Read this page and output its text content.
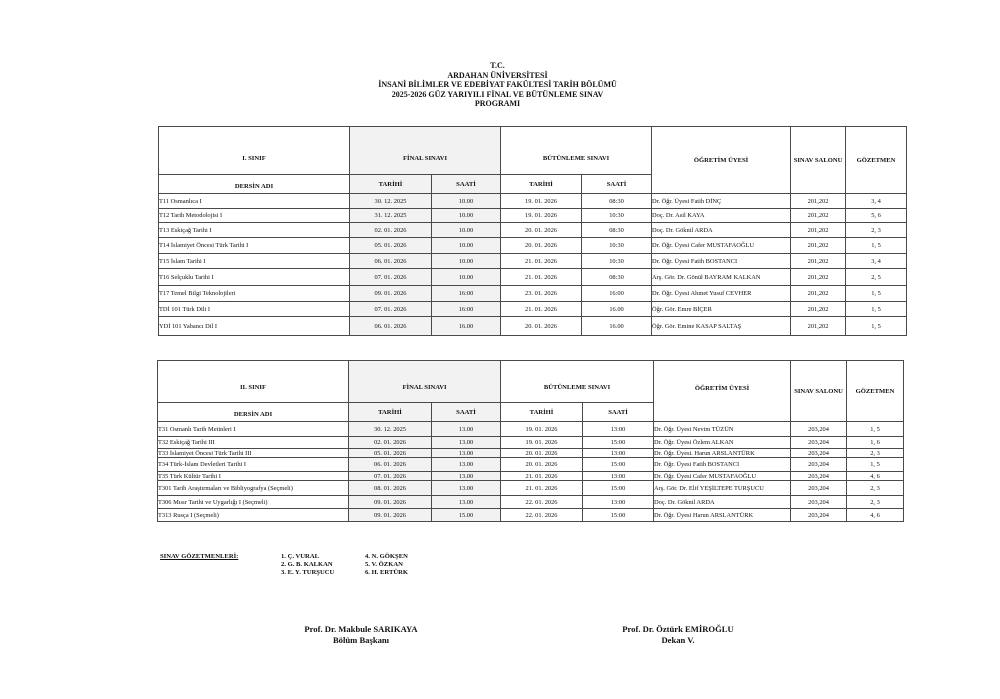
T.C.
ARDAHAN ÜNİVERSİTESİ
İNSANİ BİLİMLER VE EDEBİYAT FAKÜLTESİ TARİH BÖLÜMÜ
2025-2026 GÜZ YARIYILI FİNAL VE BÜTÜNLEME SINAV
PROGRAMI
I. SINIF	FİNAL SINAVI		BÜTÜNLEME SINAVI		ÖĞRETİM ÜYESİ	SINAV SALONU	GÖZETMEN
DERSİN ADI	TARİHİ	SAATİ	TARİHİ	SAATİ			
T11 Osmanlıca I	30. 12. 2025	10.00	19. 01. 2026	08:30	Dr. Öğr. Üyesi Fatih DİNÇ	201,202	3, 4
T12 Tarih Metodolojisi I	31. 12. 2025	10.00	19. 01. 2026	10:30	Doç. Dr. Asil KAYA	201,202	5, 6
T13 Eskiçağ Tarihi I	02. 01. 2026	10.00	20. 01. 2026	08:30	Doç. Dr. Göknil ARDA	201,202	2, 3
T14 İslamiyet Öncesi Türk Tarihi I	05. 01. 2026	10.00	20. 01. 2026	10:30	Dr. Öğr. Üyesi Cafer MUSTAFAOĞLU	201,202	1, 5
T15 İslam Tarihi I	06. 01. 2026	10.00	21. 01. 2026	10:30	Dr. Öğr. Üyesi Fatih BOSTANCI	201,202	3, 4
T16 Selçuklu Tarihi I	07. 01. 2026	10.00	21. 01. 2026	08:30	Arş. Gör. Dr. Gönül BAYRAM KALKAN	201,202	2, 5
T17 Temel Bilgi Teknolojileri	09. 01. 2026	16:00	23. 01. 2026	16:00	Dr. Öğr. Üyesi Ahmet Yusuf CEVHER	201,202	1, 5
TDİ 101 Türk Dili I	07. 01. 2026	16:00	21. 01. 2026	16.00	Öğr. Gör. Emre BİÇER	201,202	1, 5
YDİ 101 Yabancı Dil I	06. 01. 2026	16.00	20. 01. 2026	16.00	Öğr. Gör. Emine KASAP SALTAŞ	201,202	1, 5
II. SINIF	FİNAL SINAVI		BÜTÜNLEME SINAVI		ÖĞRETİM ÜYESİ	SINAV SALONU	GÖZETMEN
DERSİN ADI	TARİHİ	SAATİ	TARİHİ	SAATİ			
T31 Osmanlı Tarih Metinleri I	30. 12. 2025	13.00	19. 01. 2026	13:00	Dr. Öğr. Üyesi Nevim TÜZÜN	203,204	1, 5
T32 Eskiçağ Tarihi III	02. 01. 2026	13.00	19. 01. 2026	15:00	Dr. Öğr. Üyesi Özlem ALKAN	203,204	1, 6
T33 İslamiyet Öncesi Türk Tarihi III	05. 01. 2026	13.00	20. 01. 2026	13:00	Dr. Öğr. Üyesi. Harun ARSLANTÜRK	203,204	2, 3
T34 Türk-İslam Devletleri Tarihi I	06. 01. 2026	13.00	20. 01. 2026	15:00	Dr. Öğr. Üyesi Fatih BOSTANCI	203,204	1, 5
T35 Türk Kültür Tarihi I	07. 01. 2026	13.00	21. 01. 2026	13:00	Dr. Öğr. Üyesi Cafer MUSTAFAOĞLU	203,204	4, 6
T301 Tarih Araştırmaları ve Bibliyografya (Seçmeli)	08. 01. 2026	13.00	21. 01. 2026	15:00	Arş. Gör. Dr. Elif YEŞİLTEPE TURŞUCU	203,204	2, 3
T306 Mısır Tarihi ve Uygarlığı I (Seçmeli)	09. 01. 2026	13.00	22. 01. 2026	13:00	Doç. Dr. Göknil ARDA	203,204	2, 3
T313 Rusça I (Seçmeli)	09. 01. 2026	15.00	22. 01. 2026	15:00	Dr. Öğr. Üyesi Harun ARSLANTÜRK	203,204	4, 6
SINAV GÖZETMENLERİ:	1. Ç. VURAL
2. G. B. KALKAN
3. E. Y. TURŞUCU
4. N. GÖKŞEN
5. V. ÖZKAN
6. H. ERTÜRK
Prof. Dr. Makbule SARIKAYA
Bölüm Başkanı
Prof. Dr. Öztürk EMİROĞLU
Dekan V.
